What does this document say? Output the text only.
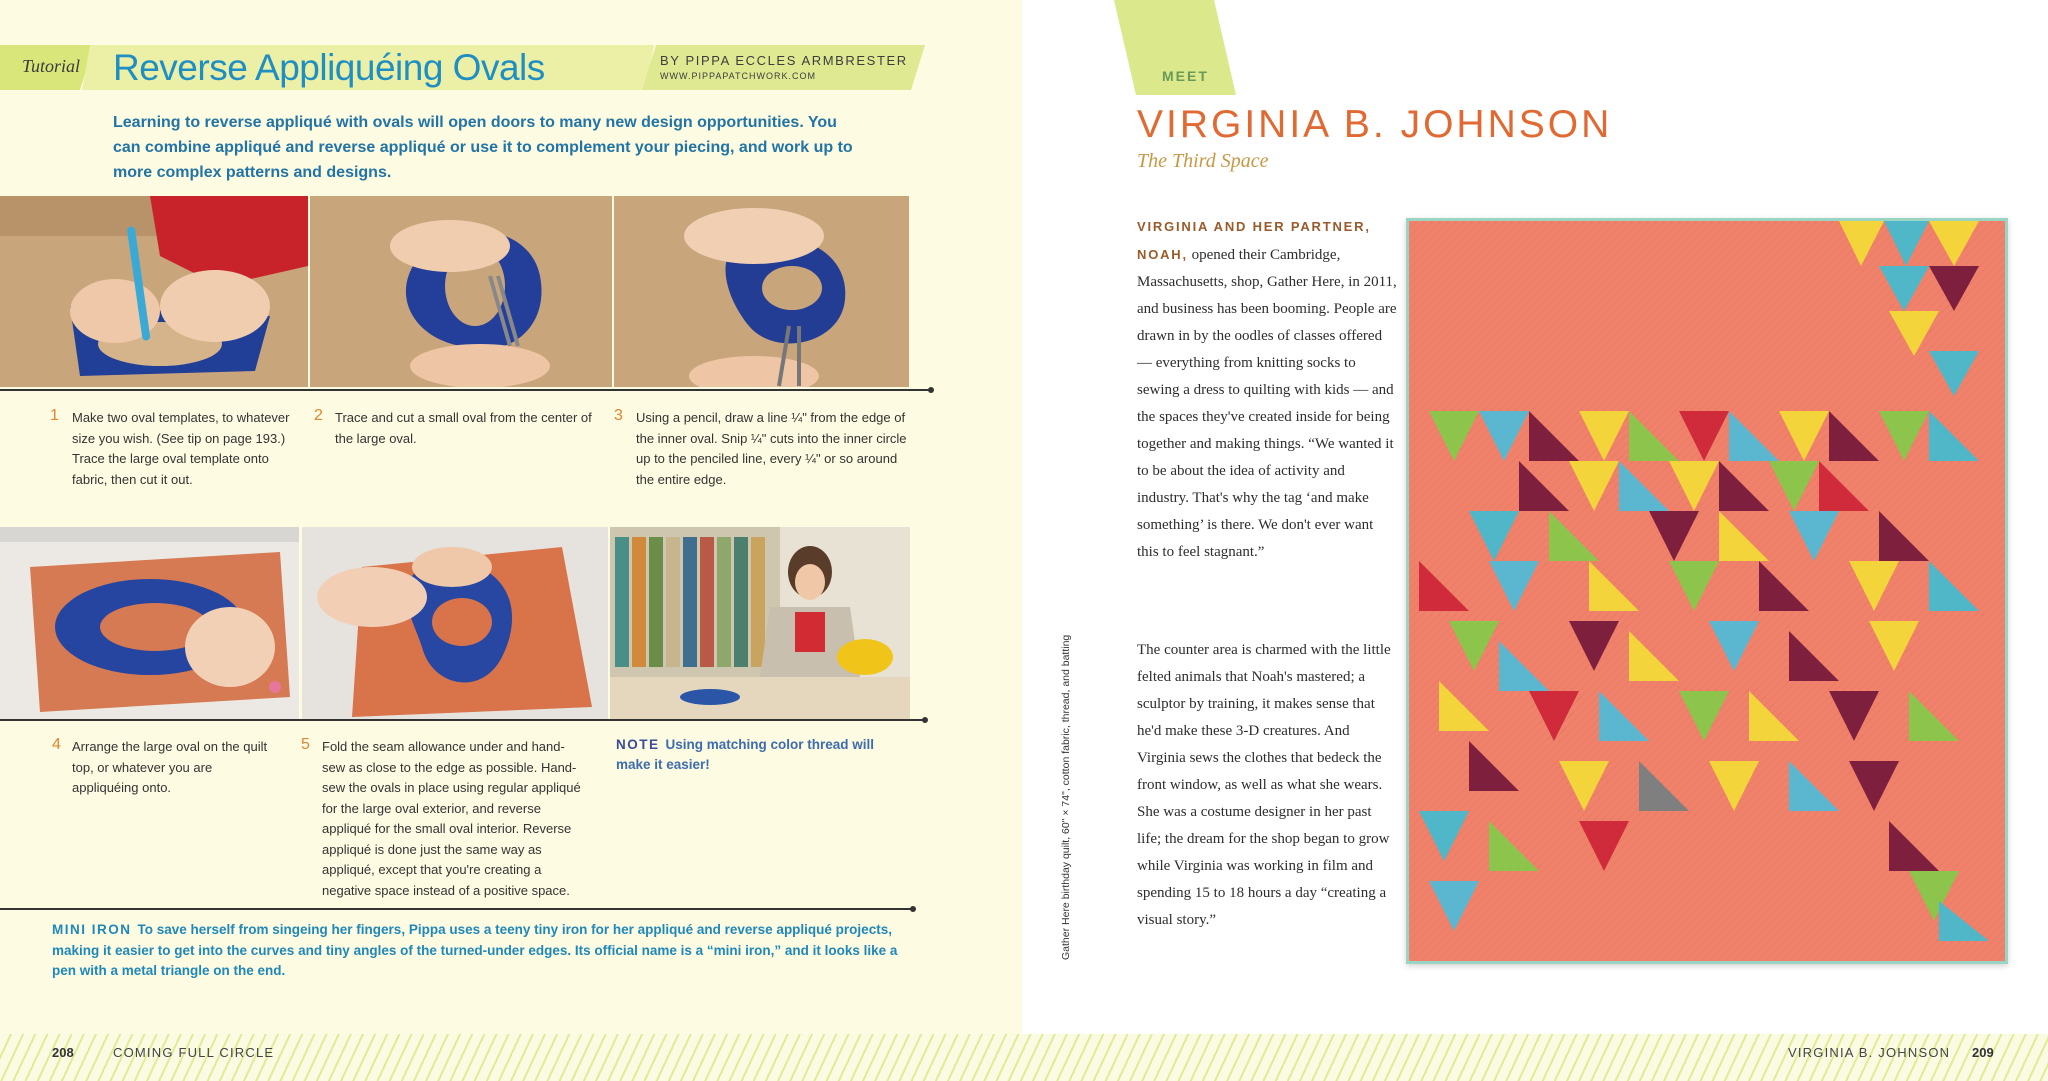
Tutorial Reverse Appliquéing Ovals	BY PIPPA ECCLES ARMBRESTER
WWW.PIPPAPATCHWORK.COM

Learning to reverse appliqué with ovals will open doors to many new design opportunities. You can combine appliqué and reverse appliqué or use it to complement your piecing, and work up to more complex patterns and designs.

1 Make two oval templates, to whatever size you wish. (See tip on page 193.) Trace the large oval template onto fabric, then cut it out.
2 Trace and cut a small oval from the center of the large oval.
3 Using a pencil, draw a line ¼" from the edge of the inner oval. Snip ¼" cuts into the inner circle up to the penciled line, every ¼" or so around the entire edge.
4 Arrange the large oval on the quilt top, or whatever you are appliquéing onto.
5 Fold the seam allowance under and hand-sew as close to the edge as possible. Hand-sew the ovals in place using regular appliqué for the large oval exterior, and reverse appliqué for the small oval interior. Reverse appliqué is done just the same way as appliqué, except that you're creating a negative space instead of a positive space.
NOTE Using matching color thread will make it easier!
MINI IRON To save herself from singeing her fingers, Pippa uses a teeny tiny iron for her appliqué and reverse appliqué projects, making it easier to get into the curves and tiny angles of the turned-under edges. Its official name is a “mini iron,” and it looks like a pen with a metal triangle on the end.
MEET
VIRGINIA B. JOHNSON
The Third Space

VIRGINIA AND HER PARTNER, NOAH, opened their Cambridge, Massachusetts, shop, Gather Here, in 2011, and business has been booming. People are drawn in by the oodles of classes offered — everything from knitting socks to sewing a dress to quilting with kids — and the spaces they've created inside for being together and making things. “We wanted it to be about the idea of activity and industry. That's why the tag ‘and make something’ is there. We don't ever want this to feel stagnant.”

The counter area is charmed with the little felted animals that Noah's mastered; a sculptor by training, it makes sense that he'd make these 3-D creatures. And Virginia sews the clothes that bedeck the front window, as well as what she wears. She was a costume designer in her past life; the dream for the shop began to grow while Virginia was working in film and spending 15 to 18 hours a day “creating a visual story.”

Gather Here birthday quilt, 60" × 74", cotton fabric, thread, and batting
208	COMING FULL CIRCLE	VIRGINIA B. JOHNSON 209
